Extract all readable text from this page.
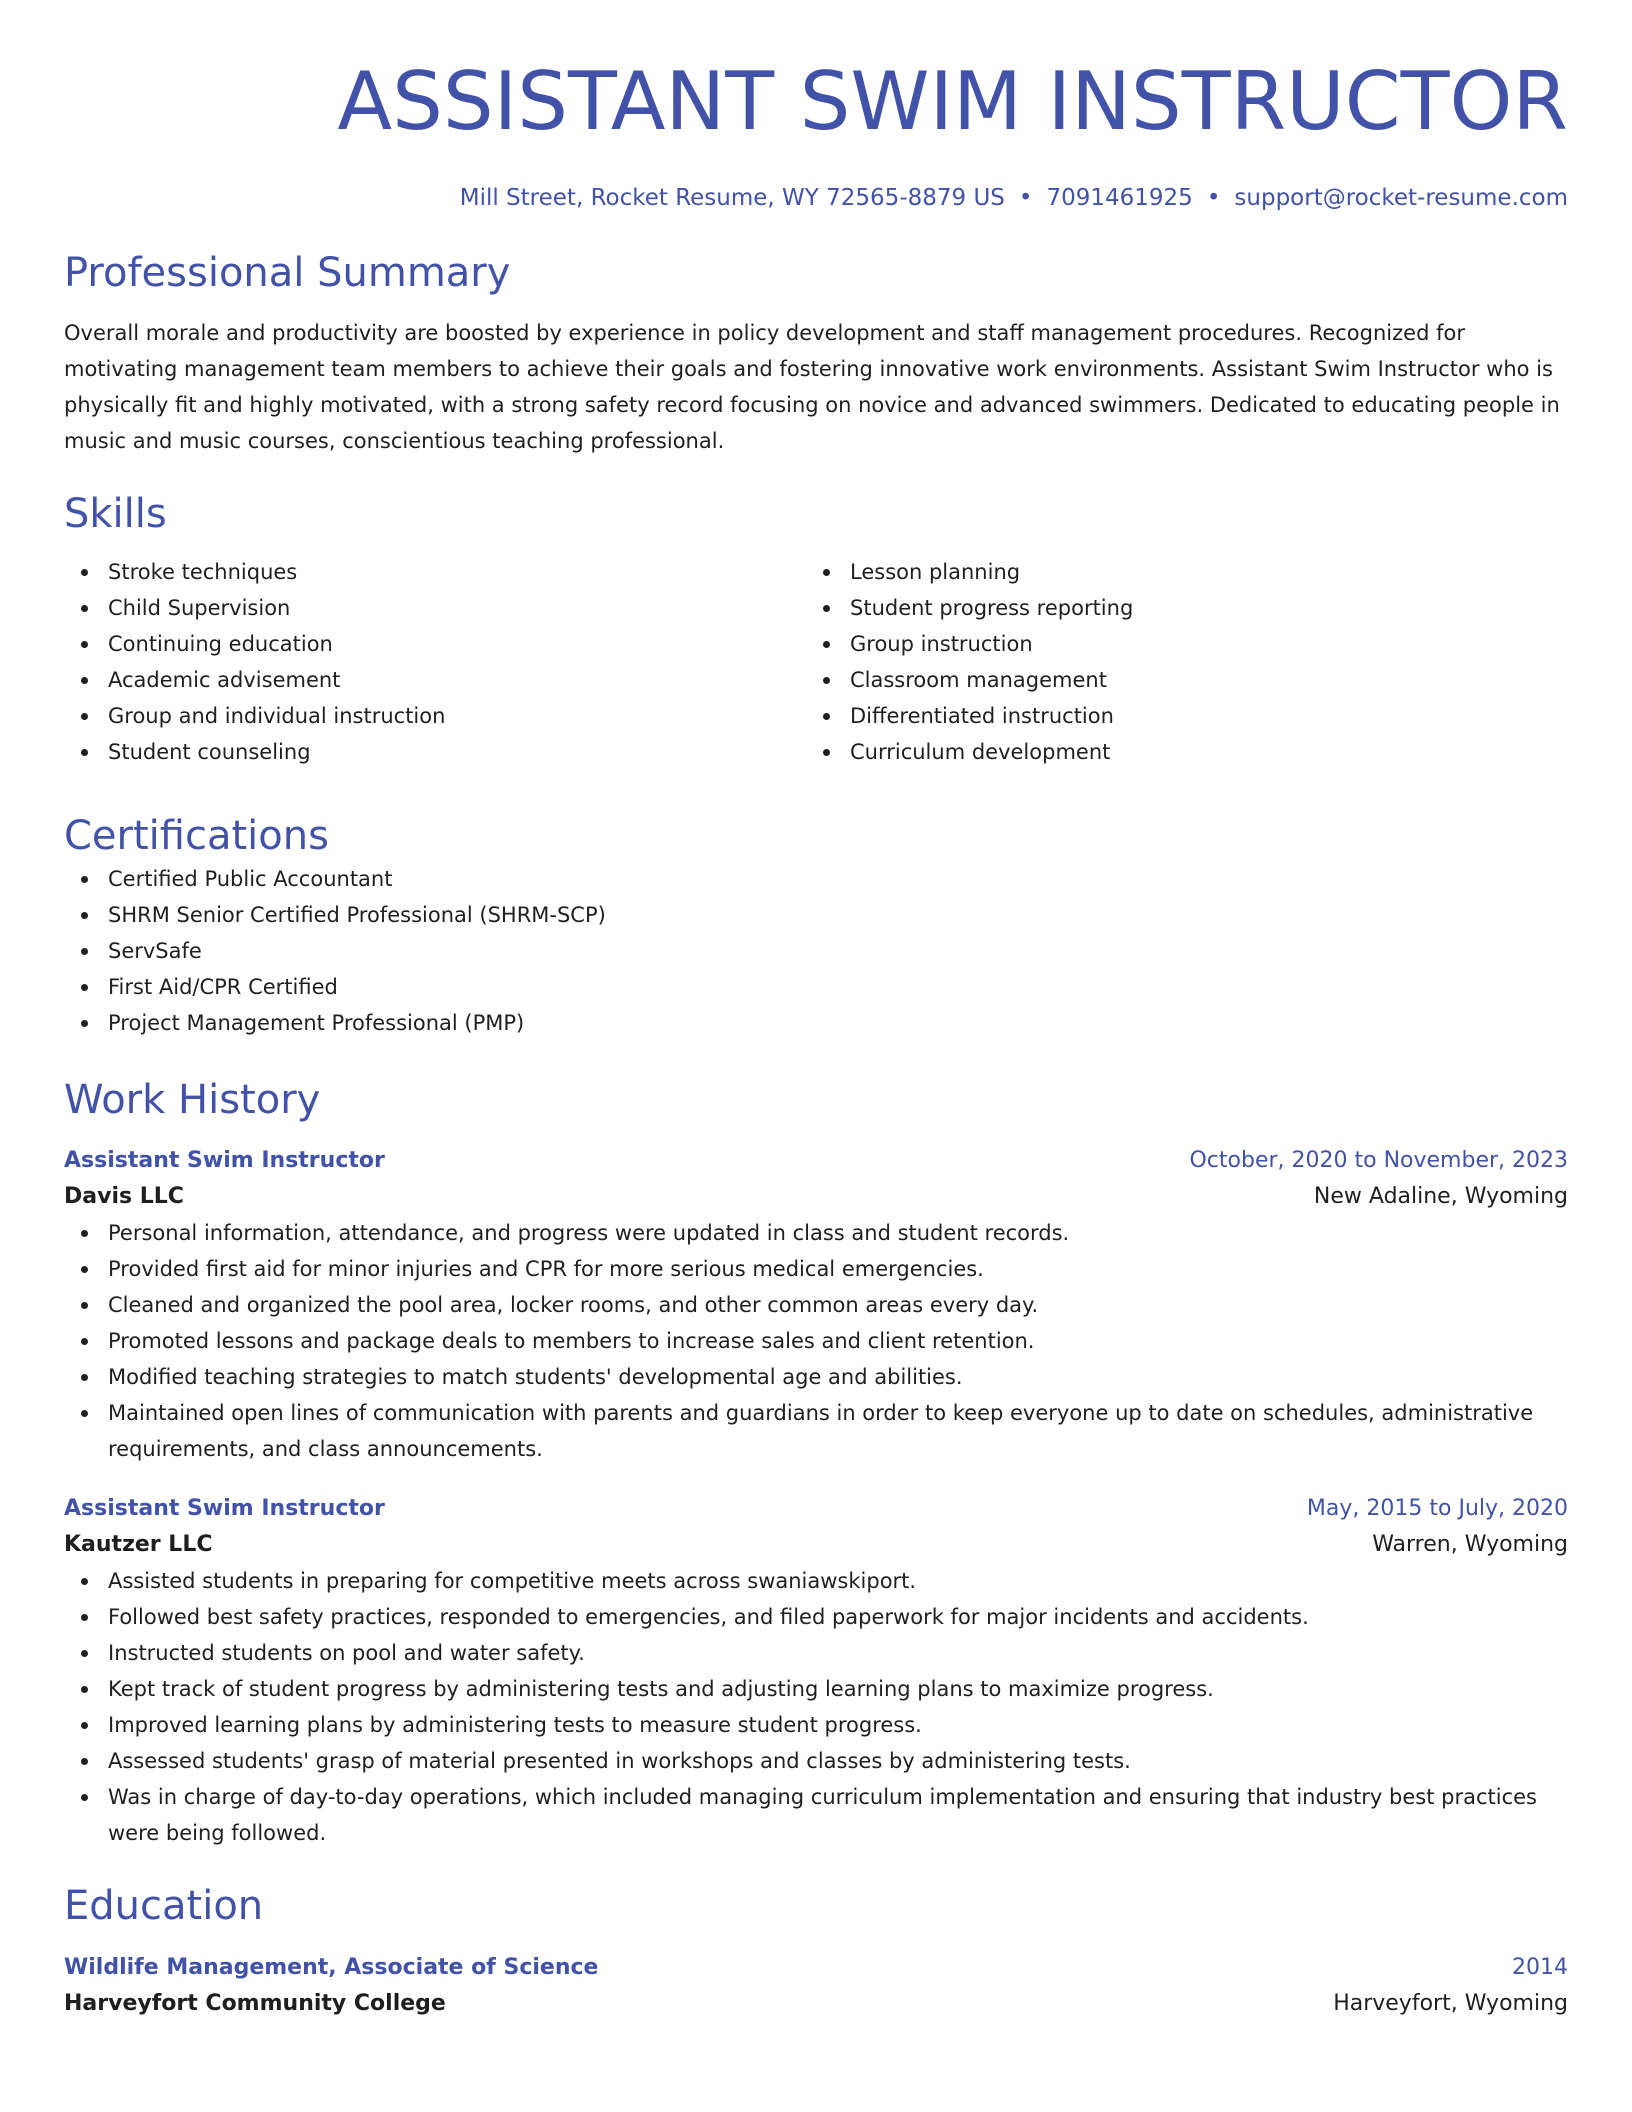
ASSISTANT SWIM INSTRUCTOR
Mill Street, Rocket Resume, WY 72565-8879 US • 7091461925 • support@rocket-resume.com
Professional Summary

Overall morale and productivity are boosted by experience in policy development and staff management procedures. Recognized for motivating management team members to achieve their goals and fostering innovative work environments. Assistant Swim Instructor who is physically fit and highly motivated, with a strong safety record focusing on novice and advanced swimmers. Dedicated to educating people in music and music courses, conscientious teaching professional.

Skills
Stroke techniques
Child Supervision
Continuing education
Academic advisement
Group and individual instruction
Student counseling
Lesson planning
Student progress reporting
Group instruction
Classroom management
Differentiated instruction
Curriculum development
Certifications
Certified Public Accountant
SHRM Senior Certified Professional (SHRM-SCP)
ServSafe
First Aid/CPR Certified
Project Management Professional (PMP)
Work History
Assistant Swim Instructor	October, 2020 to November, 2023
Davis LLC	New Adaline, Wyoming
Personal information, attendance, and progress were updated in class and student records.
Provided first aid for minor injuries and CPR for more serious medical emergencies.
Cleaned and organized the pool area, locker rooms, and other common areas every day.
Promoted lessons and package deals to members to increase sales and client retention.
Modified teaching strategies to match students' developmental age and abilities.
Maintained open lines of communication with parents and guardians in order to keep everyone up to date on schedules, administrative requirements, and class announcements.
Assistant Swim Instructor	May, 2015 to July, 2020
Kautzer LLC	Warren, Wyoming
Assisted students in preparing for competitive meets across swaniawskiport.
Followed best safety practices, responded to emergencies, and filed paperwork for major incidents and accidents.
Instructed students on pool and water safety.
Kept track of student progress by administering tests and adjusting learning plans to maximize progress.
Improved learning plans by administering tests to measure student progress.
Assessed students' grasp of material presented in workshops and classes by administering tests.
Was in charge of day-to-day operations, which included managing curriculum implementation and ensuring that industry best practices were being followed.
Education
Wildlife Management, Associate of Science	2014
Harveyfort Community College	Harveyfort, Wyoming
